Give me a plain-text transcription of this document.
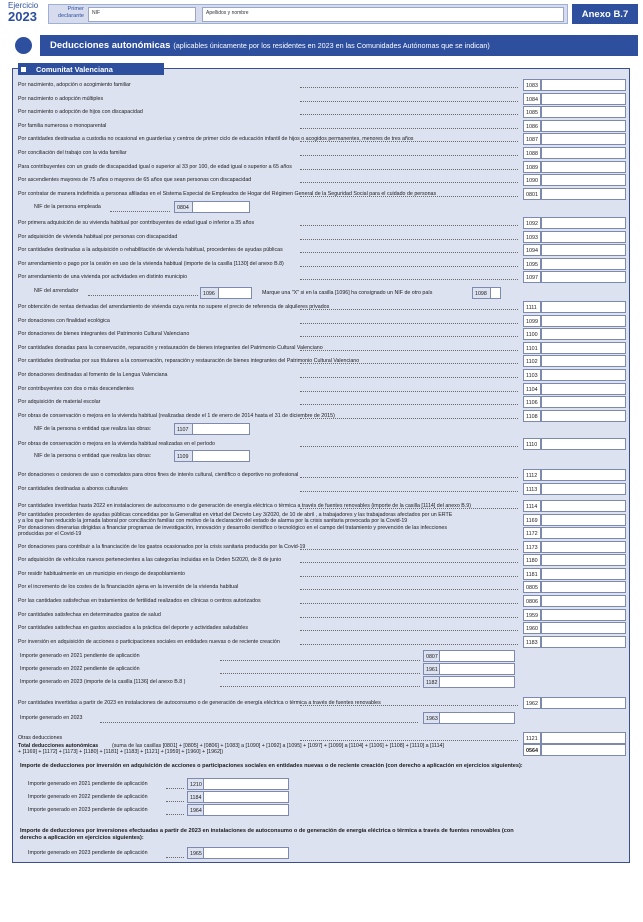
Ejercicio
2023	Primer declarante	NIF	Apellidos y nombre	Anexo B.7
Deducciones autonómicas (aplicables únicamente por los residentes en 2023 en las Comunidades Autónomas que se indican)
Comunitat Valenciana
Por nacimiento, adopción o acogimiento familiar	1083
Por nacimiento o adopción múltiples	1084
Por nacimiento o adopción de hijos con discapacidad	1085
Por familia numerosa o monoparental	1086
Por cantidades destinadas a custodia no ocasional en guarderías y centros de primer ciclo de educación infantil de hijos o acogidos permanentes, menores de tres años	1087
Por conciliación del trabajo con la vida familiar	1088
Para contribuyentes con un grado de discapacidad igual o superior al 33 por 100, de edad igual o superior a 65 años	1089
Por ascendientes mayores de 75 años o mayores de 65 años que sean personas con discapacidad	1090
Por contratar de manera indefinida a personas afiliadas en el Sistema Especial de Empleados de Hogar del Régimen General de la Seguridad Social para el cuidado de personas	0801
NIF de la persona empleada	0804
Por primera adquisición de su vivienda habitual por contribuyentes de edad igual o inferior a 35 años	1092
Por adquisición de vivienda habitual por personas con discapacidad	1093
Por cantidades destinadas a la adquisición o rehabilitación de vivienda habitual, procedentes de ayudas públicas	1094
Por arrendamiento o pago por la cesión en uso de la vivienda habitual (importe de la casilla [1130] del anexo B.8)	1095
Por arrendamiento de una vivienda por actividades en distinto municipio	1097
NIF del arrendador	1096	Marque una "X" si en la casilla [1096] ha consignado un NIF de otro país	1098
Por obtención de rentas derivadas del arrendamiento de vivienda cuya renta no supere el precio de referencia de alquileres privados	1111
Por donaciones con finalidad ecológica	1099
Por donaciones de bienes integrantes del Patrimonio Cultural Valenciano	1100
Por cantidades donadas para la conservación, reparación y restauración de bienes integrantes del Patrimonio Cultural Valenciano	1101
Por cantidades destinadas por sus titulares a la conservación, reparación y restauración de bienes integrantes del Patrimonio Cultural Valenciano	1102
Por donaciones destinadas al fomento de la Lengua Valenciana	1103
Por contribuyentes con dos o más descendientes	1104
Por adquisición de material escolar	1106
Por obras de conservación o mejora en la vivienda habitual (realizadas desde el 1 de enero de 2014 hasta el 31 de diciembre de 2015)	1108
NIF de la persona o entidad que realiza las obras:	1107
Por obras de conservación o mejora en la vivienda habitual realizadas en el período	1110
NIF de la persona o entidad que realiza las obras:	1109
Por donaciones o cesiones de uso o comodatos para otros fines de interés cultural, científico o deportivo no profesional	1112
Por cantidades destinadas a abonos culturales	1113
Por cantidades invertidas hasta 2022 en instalaciones de autoconsumo o de generación de energía eléctrica o térmica a través de fuentes renovables (importe de la casilla [1114] del anexo B.9)	1114
Por cantidades procedentes de ayudas públicas concedidas por la Generalitat en virtud del Decreto Ley 3/2020, de 10 de abril , a trabajadores y las trabajadoras afectados por un ERTE
y a los que han reducido la jornada laboral por conciliación familiar con motivo de la declaración del estado de alarma por la crisis sanitaria provocada por la Covid-19	1169
Por donaciones dinerarias dirigidas a financiar programas de investigación, innovación y desarrollo científico o tecnológico en el campo del tratamiento y prevención de las infecciones
producidas por el Covid-19	1172
Por donaciones para contribuir a la financiación de los gastos ocasionados por la crisis sanitaria producida por la Covid-19	1173
Por adquisición de vehículos nuevos pertenecientes a las categorías incluidas en la Orden 5/2020, de 8 de junio	1180
Por residir habitualmente en un municipio en riesgo de despoblamiento	1181
Por el incremento de los costes de la financiación ajena en la inversión de la vivienda habitual	0805
Por las cantidades satisfechas en tratamientos de fertilidad realizados en clínicas o centros autorizados	0806
Por cantidades satisfechas en determinados gastos de salud	1959
Por cantidades satisfechas en gastos asociados a la práctica del deporte y actividades saludables	1960
Por inversión en adquisición de acciones o participaciones sociales en entidades nuevas o de reciente creación	1183
Importe generado en 2021 pendiente de aplicación	0807
Importe generado en 2022 pendiente de aplicación	1961
Importe generado en 2023 (importe de la casilla [1136] del anexo B.8 )	1182
Por cantidades invertidas a partir de 2023 en instalaciones de autoconsumo o de generación de energía eléctrica o térmica a través de fuentes renovables	1962
Importe generado en 2023	1963
Otras deducciones	1121
Total deducciones autonómicas	(suma de las casillas [0801] + [0805] + [0806] + [1083] a [1090] + [1092] a [1095] + [1097] + [1099] a [1104] + [1106] + [1108] + [1110] a [1114]
+ [1169] + [1172] + [1173] + [1180] + [1181] + [1183] + [1121] + [1959] + [1960] + [1962])	0564
Importe de deducciones por inversión en adquisición de acciones o participaciones sociales en entidades nuevas o de reciente creación (con derecho a aplicación en ejercicios siguientes):
Importe generado en 2021 pendiente de aplicación	1210
Importe generado en 2022 pendiente de aplicación	1184
Importe generado en 2023 pendiente de aplicación	1964
Importe de deducciones por inversiones efectuadas a partir de 2023 en instalaciones de autoconsumo o de generación de energía eléctrica o térmica a través de fuentes renovables (con derecho a aplicación en ejercicios siguientes):
Importe generado en 2023 pendiente de aplicación	1965
